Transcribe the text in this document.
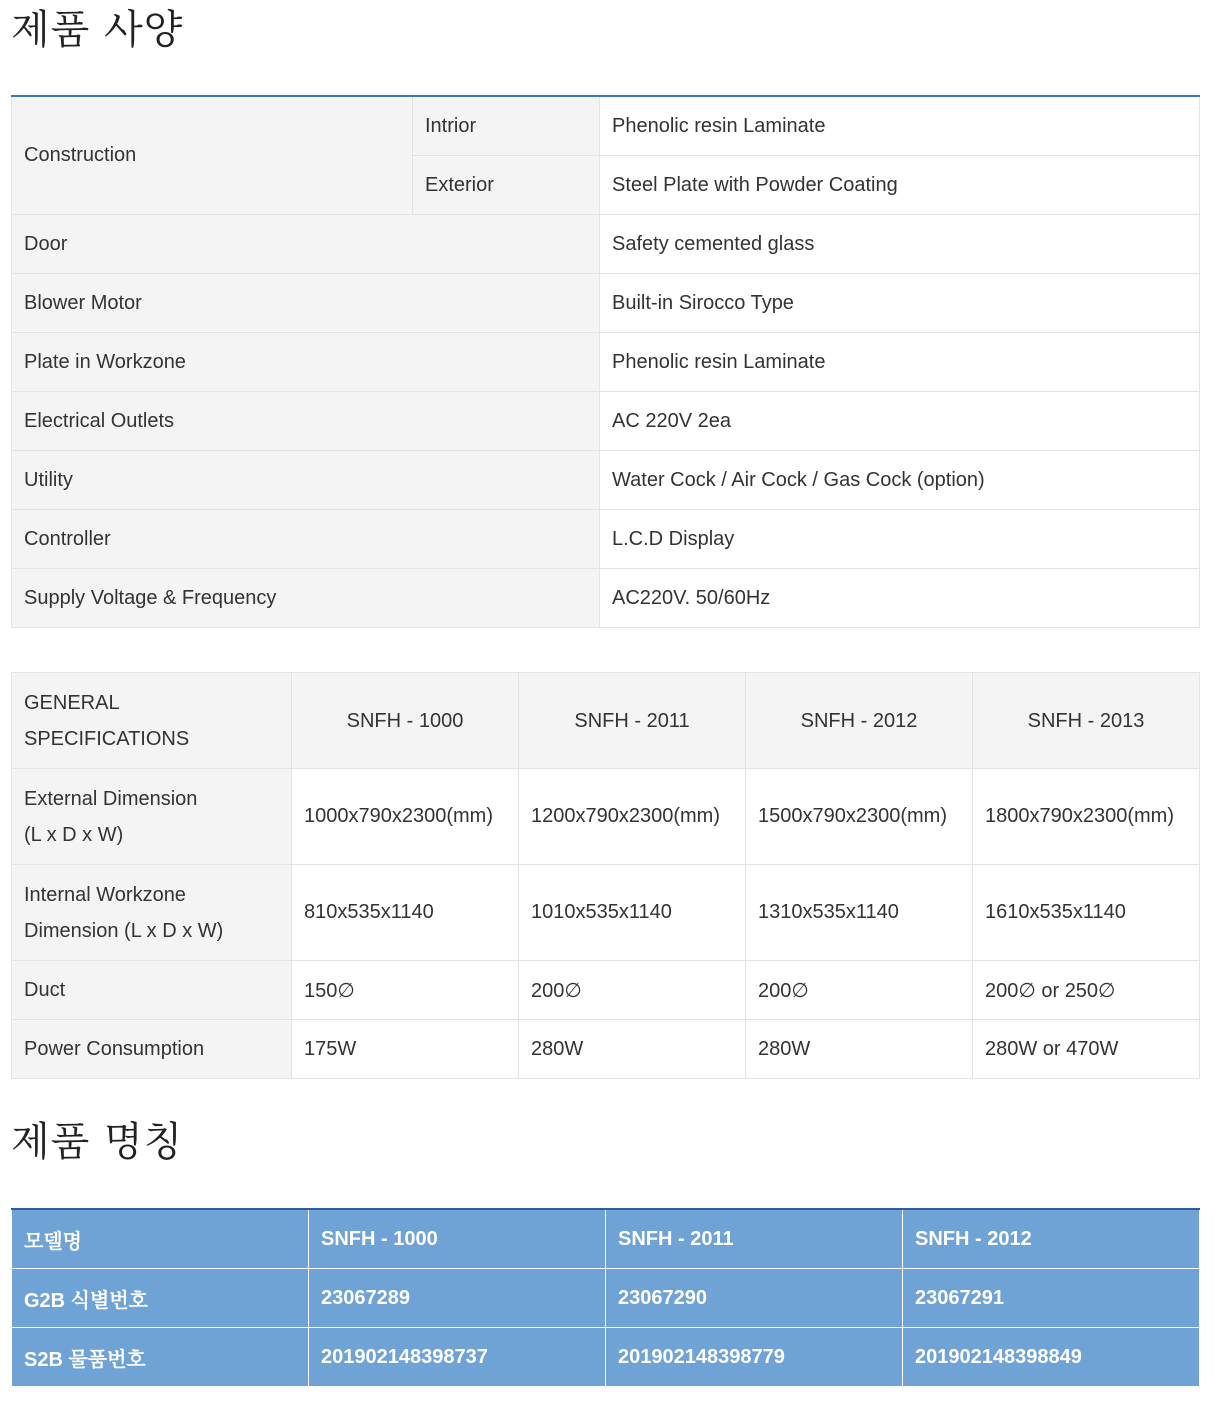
제품 사양
Construction	Intrior	Phenolic resin Laminate
	Exterior	Steel Plate with Powder Coating
Door		Safety cemented glass
Blower Motor		Built-in Sirocco Type
Plate in Workzone		Phenolic resin Laminate
Electrical Outlets		AC 220V 2ea
Utility		Water Cock / Air Cock / Gas Cock (option)
Controller		L.C.D Display
Supply Voltage & Frequency		AC220V. 50/60Hz
GENERAL
SPECIFICATIONS	SNFH - 1000	SNFH - 2011	SNFH - 2012	SNFH - 2013
External Dimension
(L x D x W)	1000x790x2300(mm)	1200x790x2300(mm)	1500x790x2300(mm)	1800x790x2300(mm)
Internal Workzone
Dimension (L x D x W)	810x535x1140	1010x535x1140	1310x535x1140	1610x535x1140
Duct	150∅	200∅	200∅	200∅ or 250∅
Power Consumption	175W	280W	280W	280W or 470W
제품 명칭
모델명	SNFH - 1000	SNFH - 2011	SNFH - 2012
G2B 식별번호	23067289	23067290	23067291
S2B 물품번호	201902148398737	201902148398779	201902148398849
